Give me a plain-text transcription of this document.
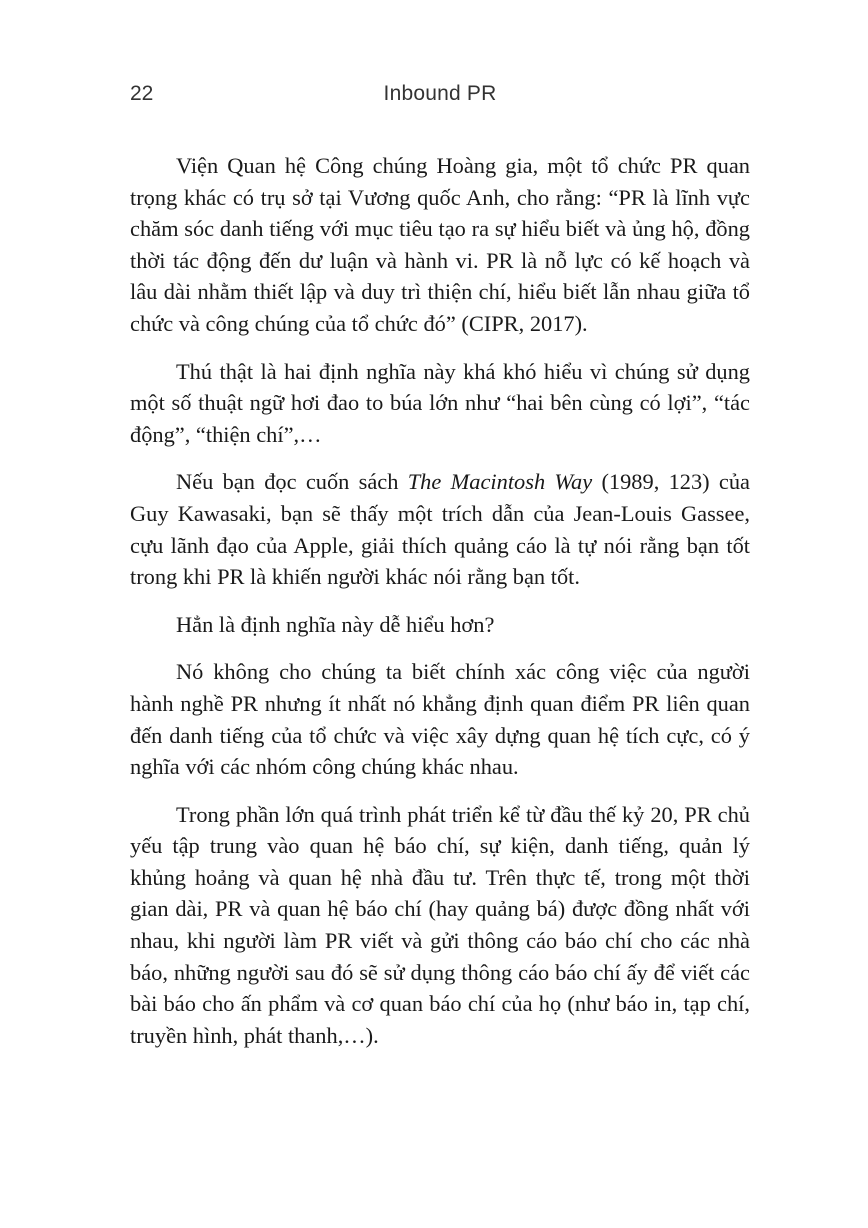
22	Inbound PR

Viện Quan hệ Công chúng Hoàng gia, một tổ chức PR quan trọng khác có trụ sở tại Vương quốc Anh, cho rằng: “PR là lĩnh vực chăm sóc danh tiếng với mục tiêu tạo ra sự hiểu biết và ủng hộ, đồng thời tác động đến dư luận và hành vi. PR là nỗ lực có kế hoạch và lâu dài nhằm thiết lập và duy trì thiện chí, hiểu biết lẫn nhau giữa tổ chức và công chúng của tổ chức đó” (CIPR, 2017).

Thú thật là hai định nghĩa này khá khó hiểu vì chúng sử dụng một số thuật ngữ hơi đao to búa lớn như “hai bên cùng có lợi”, “tác động”, “thiện chí”,…

Nếu bạn đọc cuốn sách The Macintosh Way (1989, 123) của Guy Kawasaki, bạn sẽ thấy một trích dẫn của Jean-Louis Gassee, cựu lãnh đạo của Apple, giải thích quảng cáo là tự nói rằng bạn tốt trong khi PR là khiến người khác nói rằng bạn tốt.

Hẳn là định nghĩa này dễ hiểu hơn?

Nó không cho chúng ta biết chính xác công việc của người hành nghề PR nhưng ít nhất nó khẳng định quan điểm PR liên quan đến danh tiếng của tổ chức và việc xây dựng quan hệ tích cực, có ý nghĩa với các nhóm công chúng khác nhau.

Trong phần lớn quá trình phát triển kể từ đầu thế kỷ 20, PR chủ yếu tập trung vào quan hệ báo chí, sự kiện, danh tiếng, quản lý khủng hoảng và quan hệ nhà đầu tư. Trên thực tế, trong một thời gian dài, PR và quan hệ báo chí (hay quảng bá) được đồng nhất với nhau, khi người làm PR viết và gửi thông cáo báo chí cho các nhà báo, những người sau đó sẽ sử dụng thông cáo báo chí ấy để viết các bài báo cho ấn phẩm và cơ quan báo chí của họ (như báo in, tạp chí, truyền hình, phát thanh,…).
